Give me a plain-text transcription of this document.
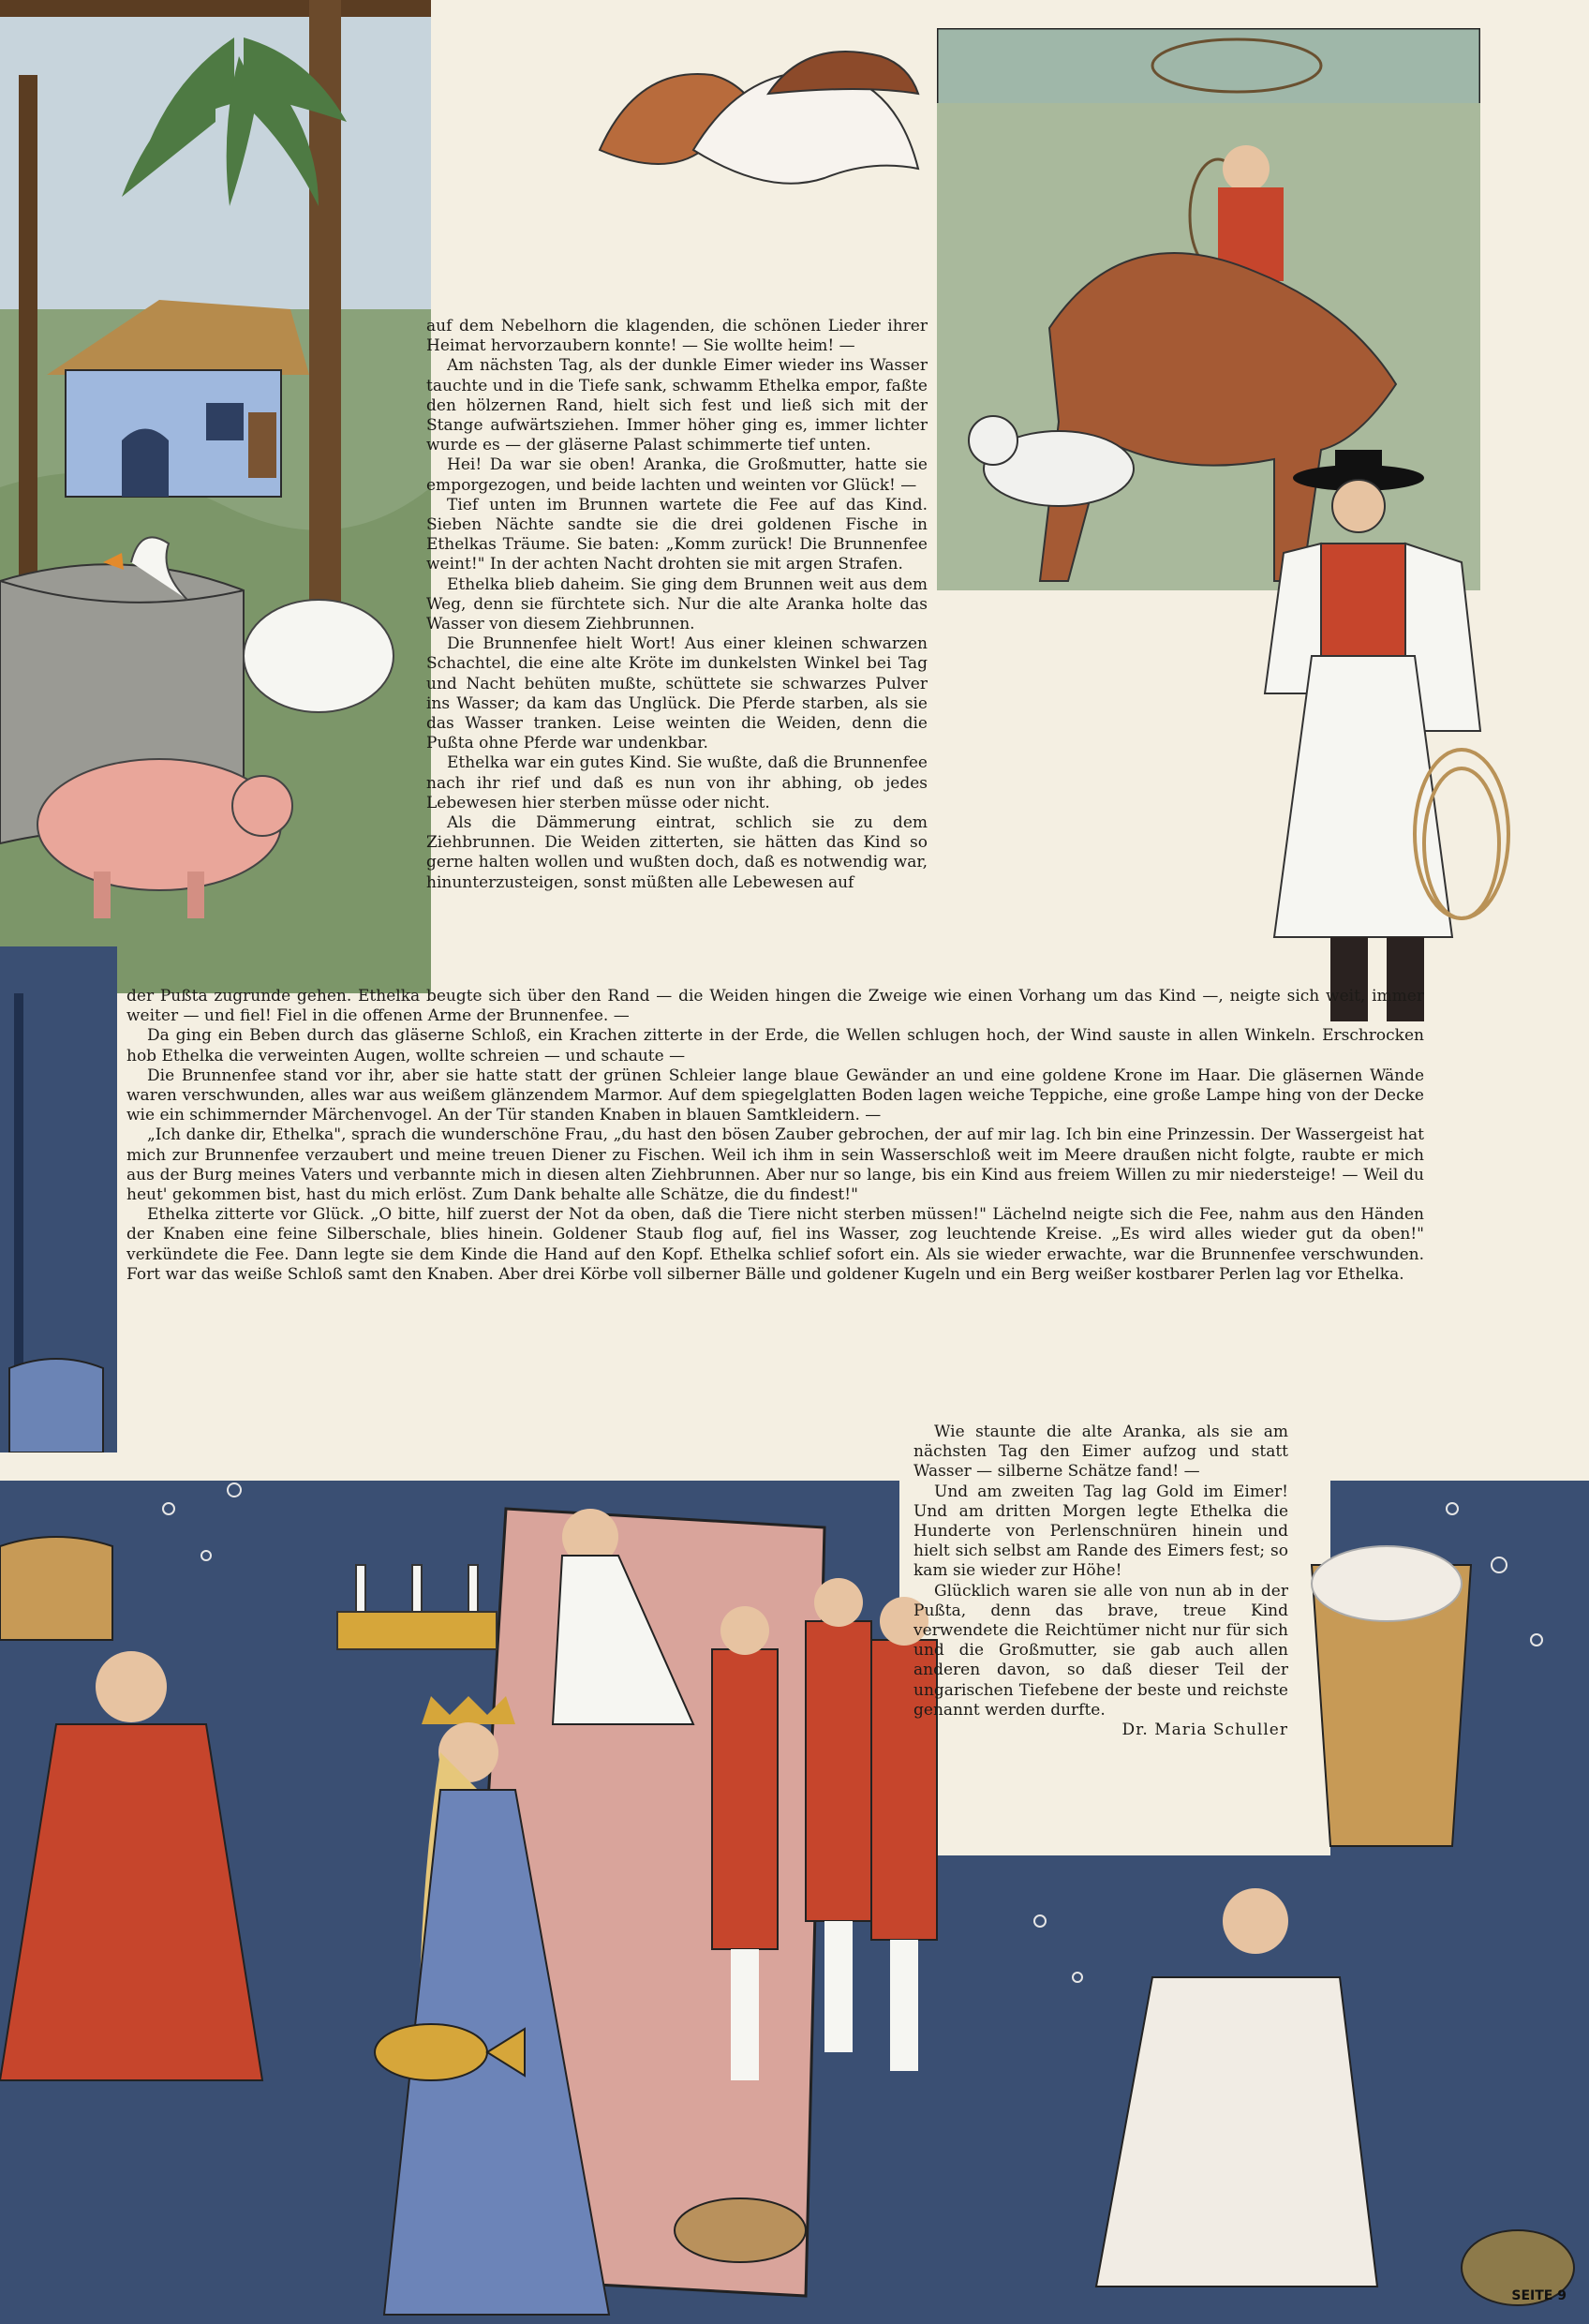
auf dem Nebelhorn die klagenden, die schönen Lieder ihrer Heimat hervorzaubern konnte! — Sie wollte heim! —

Am nächsten Tag, als der dunkle Eimer wieder ins Wasser tauchte und in die Tiefe sank, schwamm Ethelka empor, faßte den hölzernen Rand, hielt sich fest und ließ sich mit der Stange aufwärtsziehen. Immer höher ging es, immer lichter wurde es — der gläserne Palast schimmerte tief unten.

Hei! Da war sie oben! Aranka, die Großmutter, hatte sie emporgezogen, und beide lachten und weinten vor Glück! —

Tief unten im Brunnen wartete die Fee auf das Kind. Sieben Nächte sandte sie die drei goldenen Fische in Ethelkas Träume. Sie baten: „Komm zurück! Die Brunnenfee weint!" In der achten Nacht drohten sie mit argen Strafen.

Ethelka blieb daheim. Sie ging dem Brunnen weit aus dem Weg, denn sie fürchtete sich. Nur die alte Aranka holte das Wasser von diesem Ziehbrunnen.

Die Brunnenfee hielt Wort! Aus einer kleinen schwarzen Schachtel, die eine alte Kröte im dunkelsten Winkel bei Tag und Nacht behüten mußte, schüttete sie schwarzes Pulver ins Wasser; da kam das Unglück. Die Pferde starben, als sie das Wasser tranken. Leise weinten die Weiden, denn die Pußta ohne Pferde war undenkbar.

Ethelka war ein gutes Kind. Sie wußte, daß die Brunnenfee nach ihr rief und daß es nun von ihr abhing, ob jedes Lebewesen hier sterben müsse oder nicht.

Als die Dämmerung eintrat, schlich sie zu dem Ziehbrunnen. Die Weiden zitterten, sie hätten das Kind so gerne halten wollen und wußten doch, daß es notwendig war, hinunterzusteigen, sonst müßten alle Lebewesen auf

der Pußta zugrunde gehen. Ethelka beugte sich über den Rand — die Weiden hingen die Zweige wie einen Vorhang um das Kind —, neigte sich weit, immer weiter — und fiel! Fiel in die offenen Arme der Brunnenfee. —

Da ging ein Beben durch das gläserne Schloß, ein Krachen zitterte in der Erde, die Wellen schlugen hoch, der Wind sauste in allen Winkeln. Erschrocken hob Ethelka die verweinten Augen, wollte schreien — und schaute —

Die Brunnenfee stand vor ihr, aber sie hatte statt der grünen Schleier lange blaue Gewänder an und eine goldene Krone im Haar. Die gläsernen Wände waren verschwunden, alles war aus weißem glänzendem Marmor. Auf dem spiegelglatten Boden lagen weiche Teppiche, eine große Lampe hing von der Decke wie ein schimmernder Märchenvogel. An der Tür standen Knaben in blauen Samtkleidern. —

„Ich danke dir, Ethelka", sprach die wunderschöne Frau, „du hast den bösen Zauber gebrochen, der auf mir lag. Ich bin eine Prinzessin. Der Wassergeist hat mich zur Brunnenfee verzaubert und meine treuen Diener zu Fischen. Weil ich ihm in sein Wasserschloß weit im Meere draußen nicht folgte, raubte er mich aus der Burg meines Vaters und verbannte mich in diesen alten Ziehbrunnen. Aber nur so lange, bis ein Kind aus freiem Willen zu mir niedersteige! — Weil du heut' gekommen bist, hast du mich erlöst. Zum Dank behalte alle Schätze, die du findest!"

Ethelka zitterte vor Glück. „O bitte, hilf zuerst der Not da oben, daß die Tiere nicht sterben müssen!" Lächelnd neigte sich die Fee, nahm aus den Händen der Knaben eine feine Silberschale, blies hinein. Goldener Staub flog auf, fiel ins Wasser, zog leuchtende Kreise. „Es wird alles wieder gut da oben!" verkündete die Fee. Dann legte sie dem Kinde die Hand auf den Kopf. Ethelka schlief sofort ein. Als sie wieder erwachte, war die Brunnenfee verschwunden. Fort war das weiße Schloß samt den Knaben. Aber drei Körbe voll silberner Bälle und goldener Kugeln und ein Berg weißer kostbarer Perlen lag vor Ethelka.

Wie staunte die alte Aranka, als sie am nächsten Tag den Eimer aufzog und statt Wasser — silberne Schätze fand! —

Und am zweiten Tag lag Gold im Eimer! Und am dritten Morgen legte Ethelka die Hunderte von Perlenschnüren hinein und hielt sich selbst am Rande des Eimers fest; so kam sie wieder zur Höhe!

Glücklich waren sie alle von nun ab in der Pußta, denn das brave, treue Kind verwendete die Reichtümer nicht nur für sich und die Großmutter, sie gab auch allen anderen davon, so daß dieser Teil der ungarischen Tiefebene der beste und reichste genannt werden durfte.

Dr. Maria Schuller

SEITE 9
